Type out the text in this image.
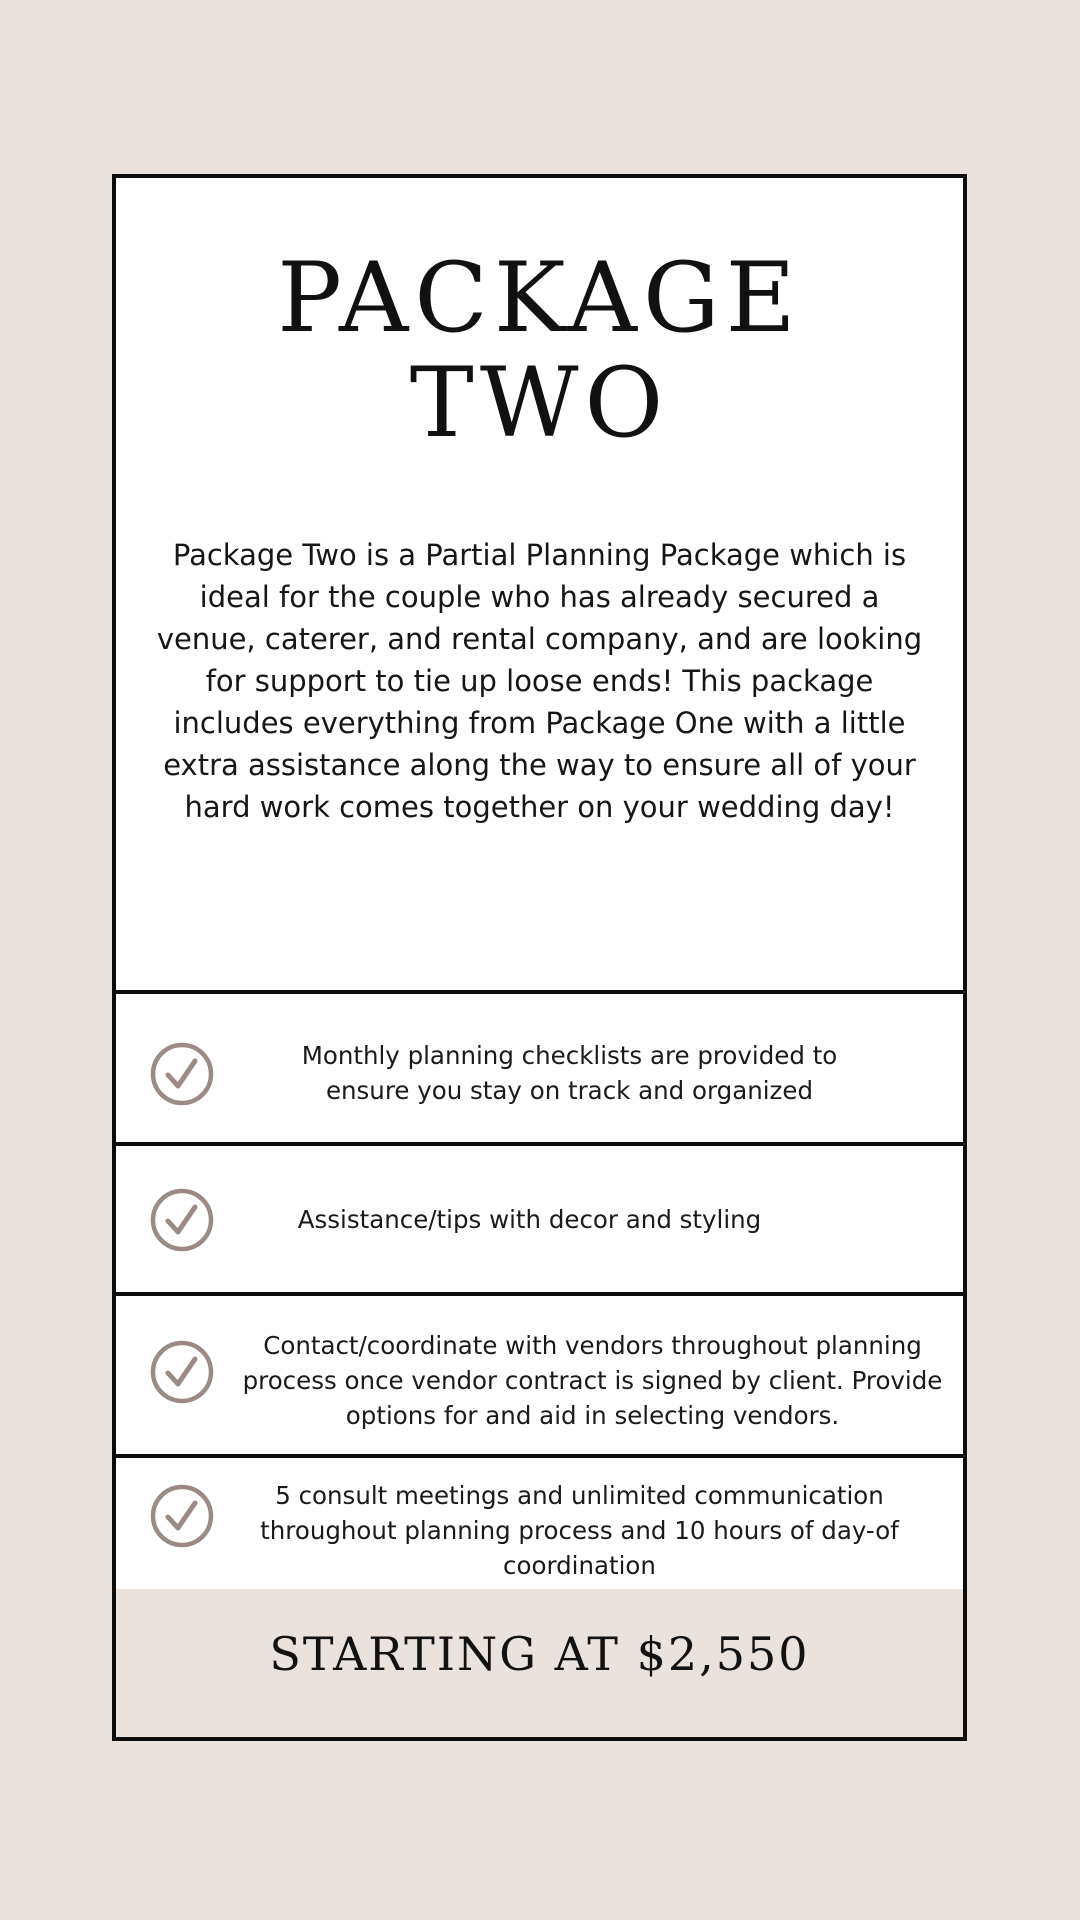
PACKAGE
TWO

Package Two is a Partial Planning Package which is ideal for the couple who has already secured a venue, caterer, and rental company, and are looking for support to tie up loose ends! This package includes everything from Package One with a little extra assistance along the way to ensure all of your hard work comes together on your wedding day!

Monthly planning checklists are provided to ensure you stay on track and organized

Assistance/tips with decor and styling

Contact/coordinate with vendors throughout planning process once vendor contract is signed by client. Provide options for and aid in selecting vendors.

5 consult meetings and unlimited communication throughout planning process and 10 hours of day-of coordination

STARTING AT $2,550
